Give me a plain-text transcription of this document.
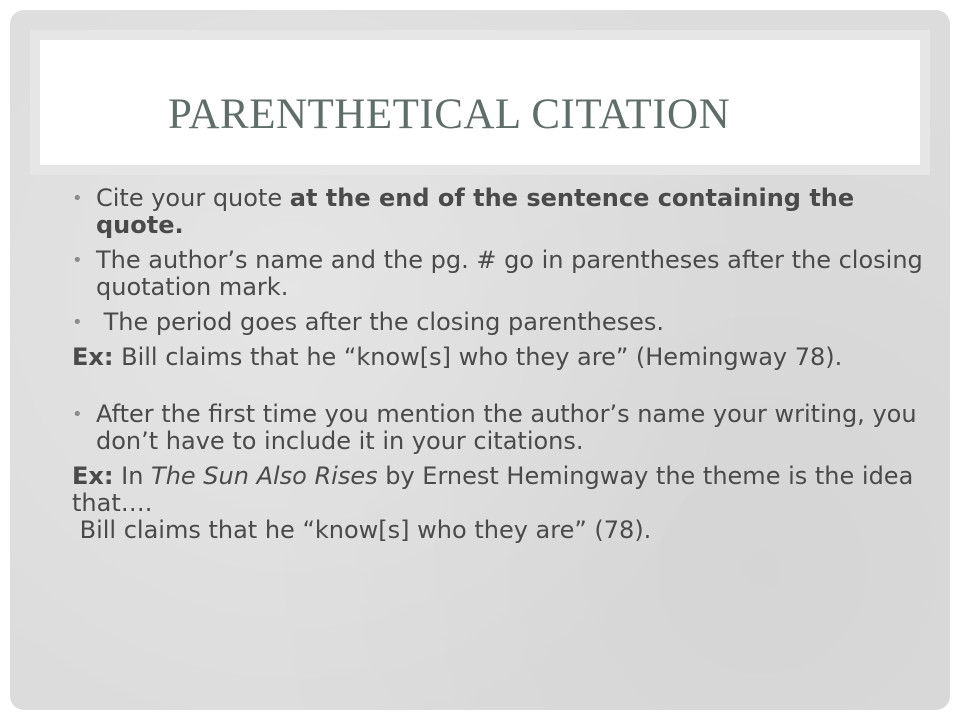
PARENTHETICAL CITATION
• Cite your quote at the end of the sentence containing the quote.
• The author’s name and the pg. # go in parentheses after the closing quotation mark.
• The period goes after the closing parentheses.
Ex: Bill claims that he “know[s] who they are” (Hemingway 78).
• After the first time you mention the author’s name your writing, you don’t have to include it in your citations.
Ex: In The Sun Also Rises by Ernest Hemingway the theme is the idea that….
Bill claims that he “know[s] who they are” (78).
